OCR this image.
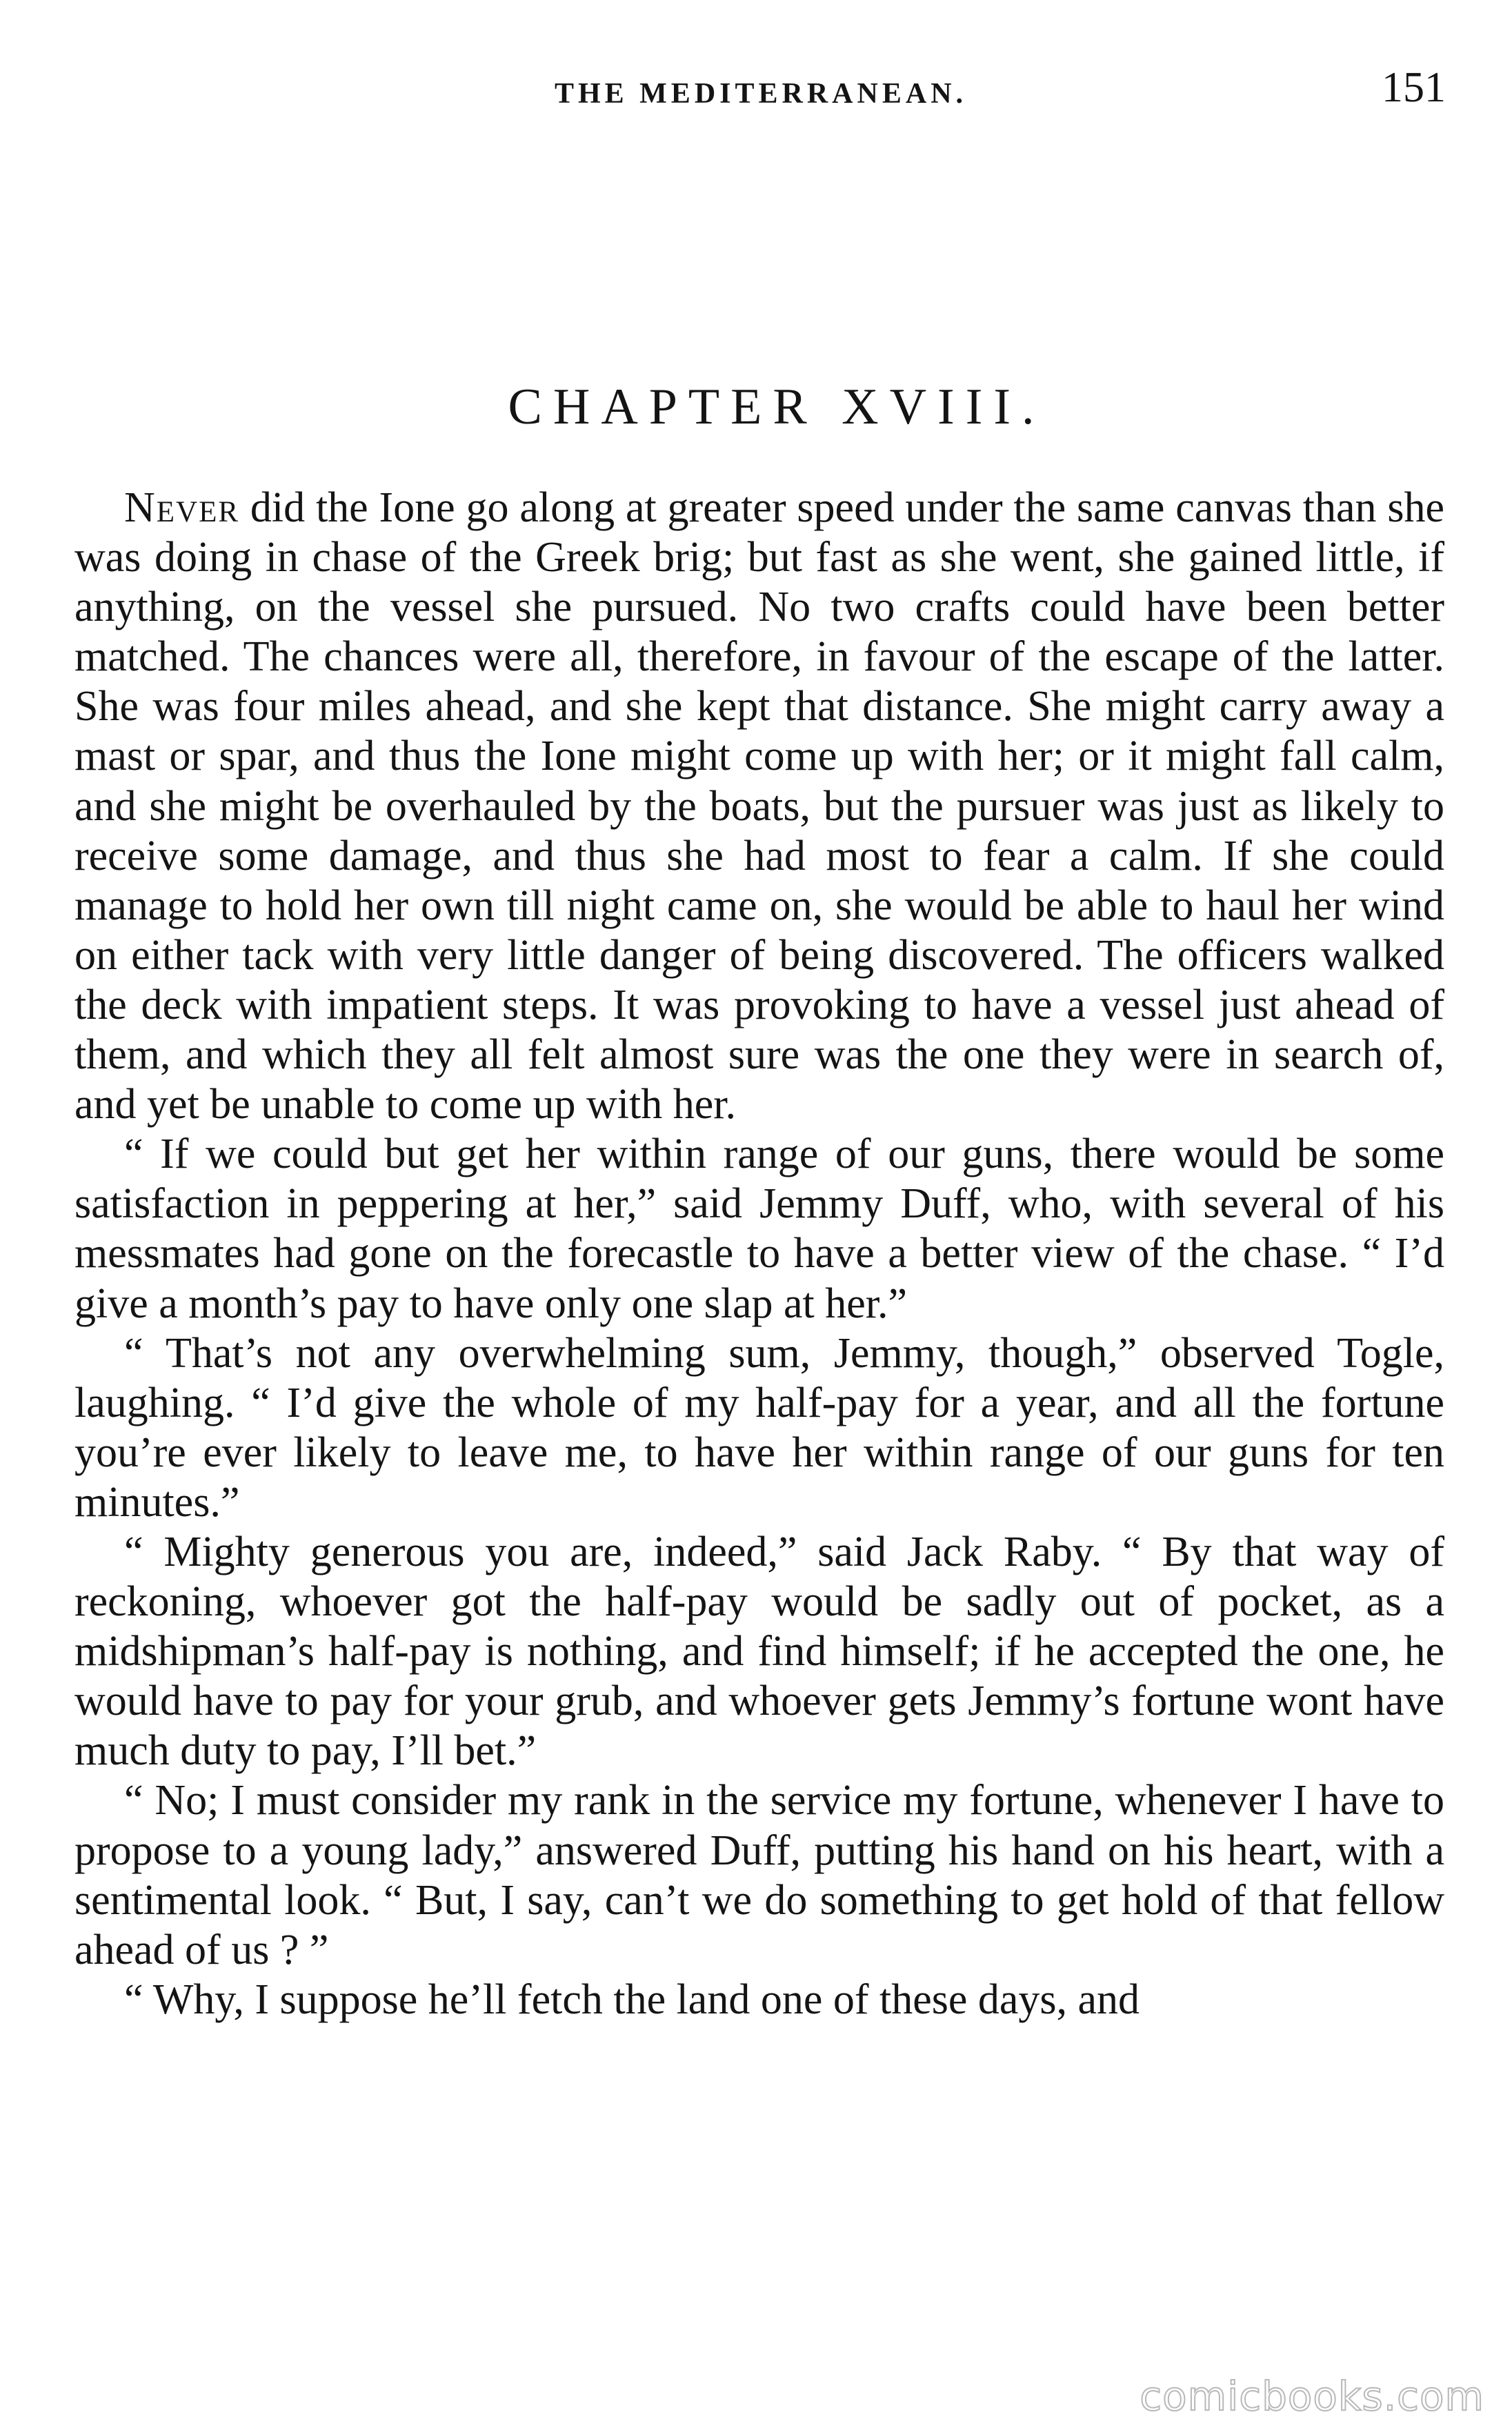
THE MEDITERRANEAN.	151
CHAPTER XVIII.

Never did the Ione go along at greater speed under the same canvas than she was doing in chase of the Greek brig; but fast as she went, she gained little, if anything, on the vessel she pursued. No two crafts could have been better matched. The chances were all, therefore, in favour of the escape of the latter. She was four miles ahead, and she kept that distance. She might carry away a mast or spar, and thus the Ione might come up with her; or it might fall calm, and she might be overhauled by the boats, but the pursuer was just as likely to receive some damage, and thus she had most to fear a calm. If she could manage to hold her own till night came on, she would be able to haul her wind on either tack with very little danger of being discovered. The officers walked the deck with impatient steps. It was provoking to have a vessel just ahead of them, and which they all felt almost sure was the one they were in search of, and yet be unable to come up with her.

“ If we could but get her within range of our guns, there would be some satisfaction in peppering at her,” said Jemmy Duff, who, with several of his messmates had gone on the forecastle to have a better view of the chase. “ I’d give a month’s pay to have only one slap at her.”

“ That’s not any overwhelming sum, Jemmy, though,” observed Togle, laughing. “ I’d give the whole of my half-pay for a year, and all the fortune you’re ever likely to leave me, to have her within range of our guns for ten minutes.”

“ Mighty generous you are, indeed,” said Jack Raby. “ By that way of reckoning, whoever got the half-pay would be sadly out of pocket, as a midshipman’s half-pay is nothing, and find himself; if he accepted the one, he would have to pay for your grub, and whoever gets Jemmy’s fortune wont have much duty to pay, I’ll bet.”

“ No; I must consider my rank in the service my fortune, whenever I have to propose to a young lady,” answered Duff, putting his hand on his heart, with a sentimental look. “ But, I say, can’t we do something to get hold of that fellow ahead of us ? ”

“ Why, I suppose he’ll fetch the land one of these days, and

comicbooks.com
